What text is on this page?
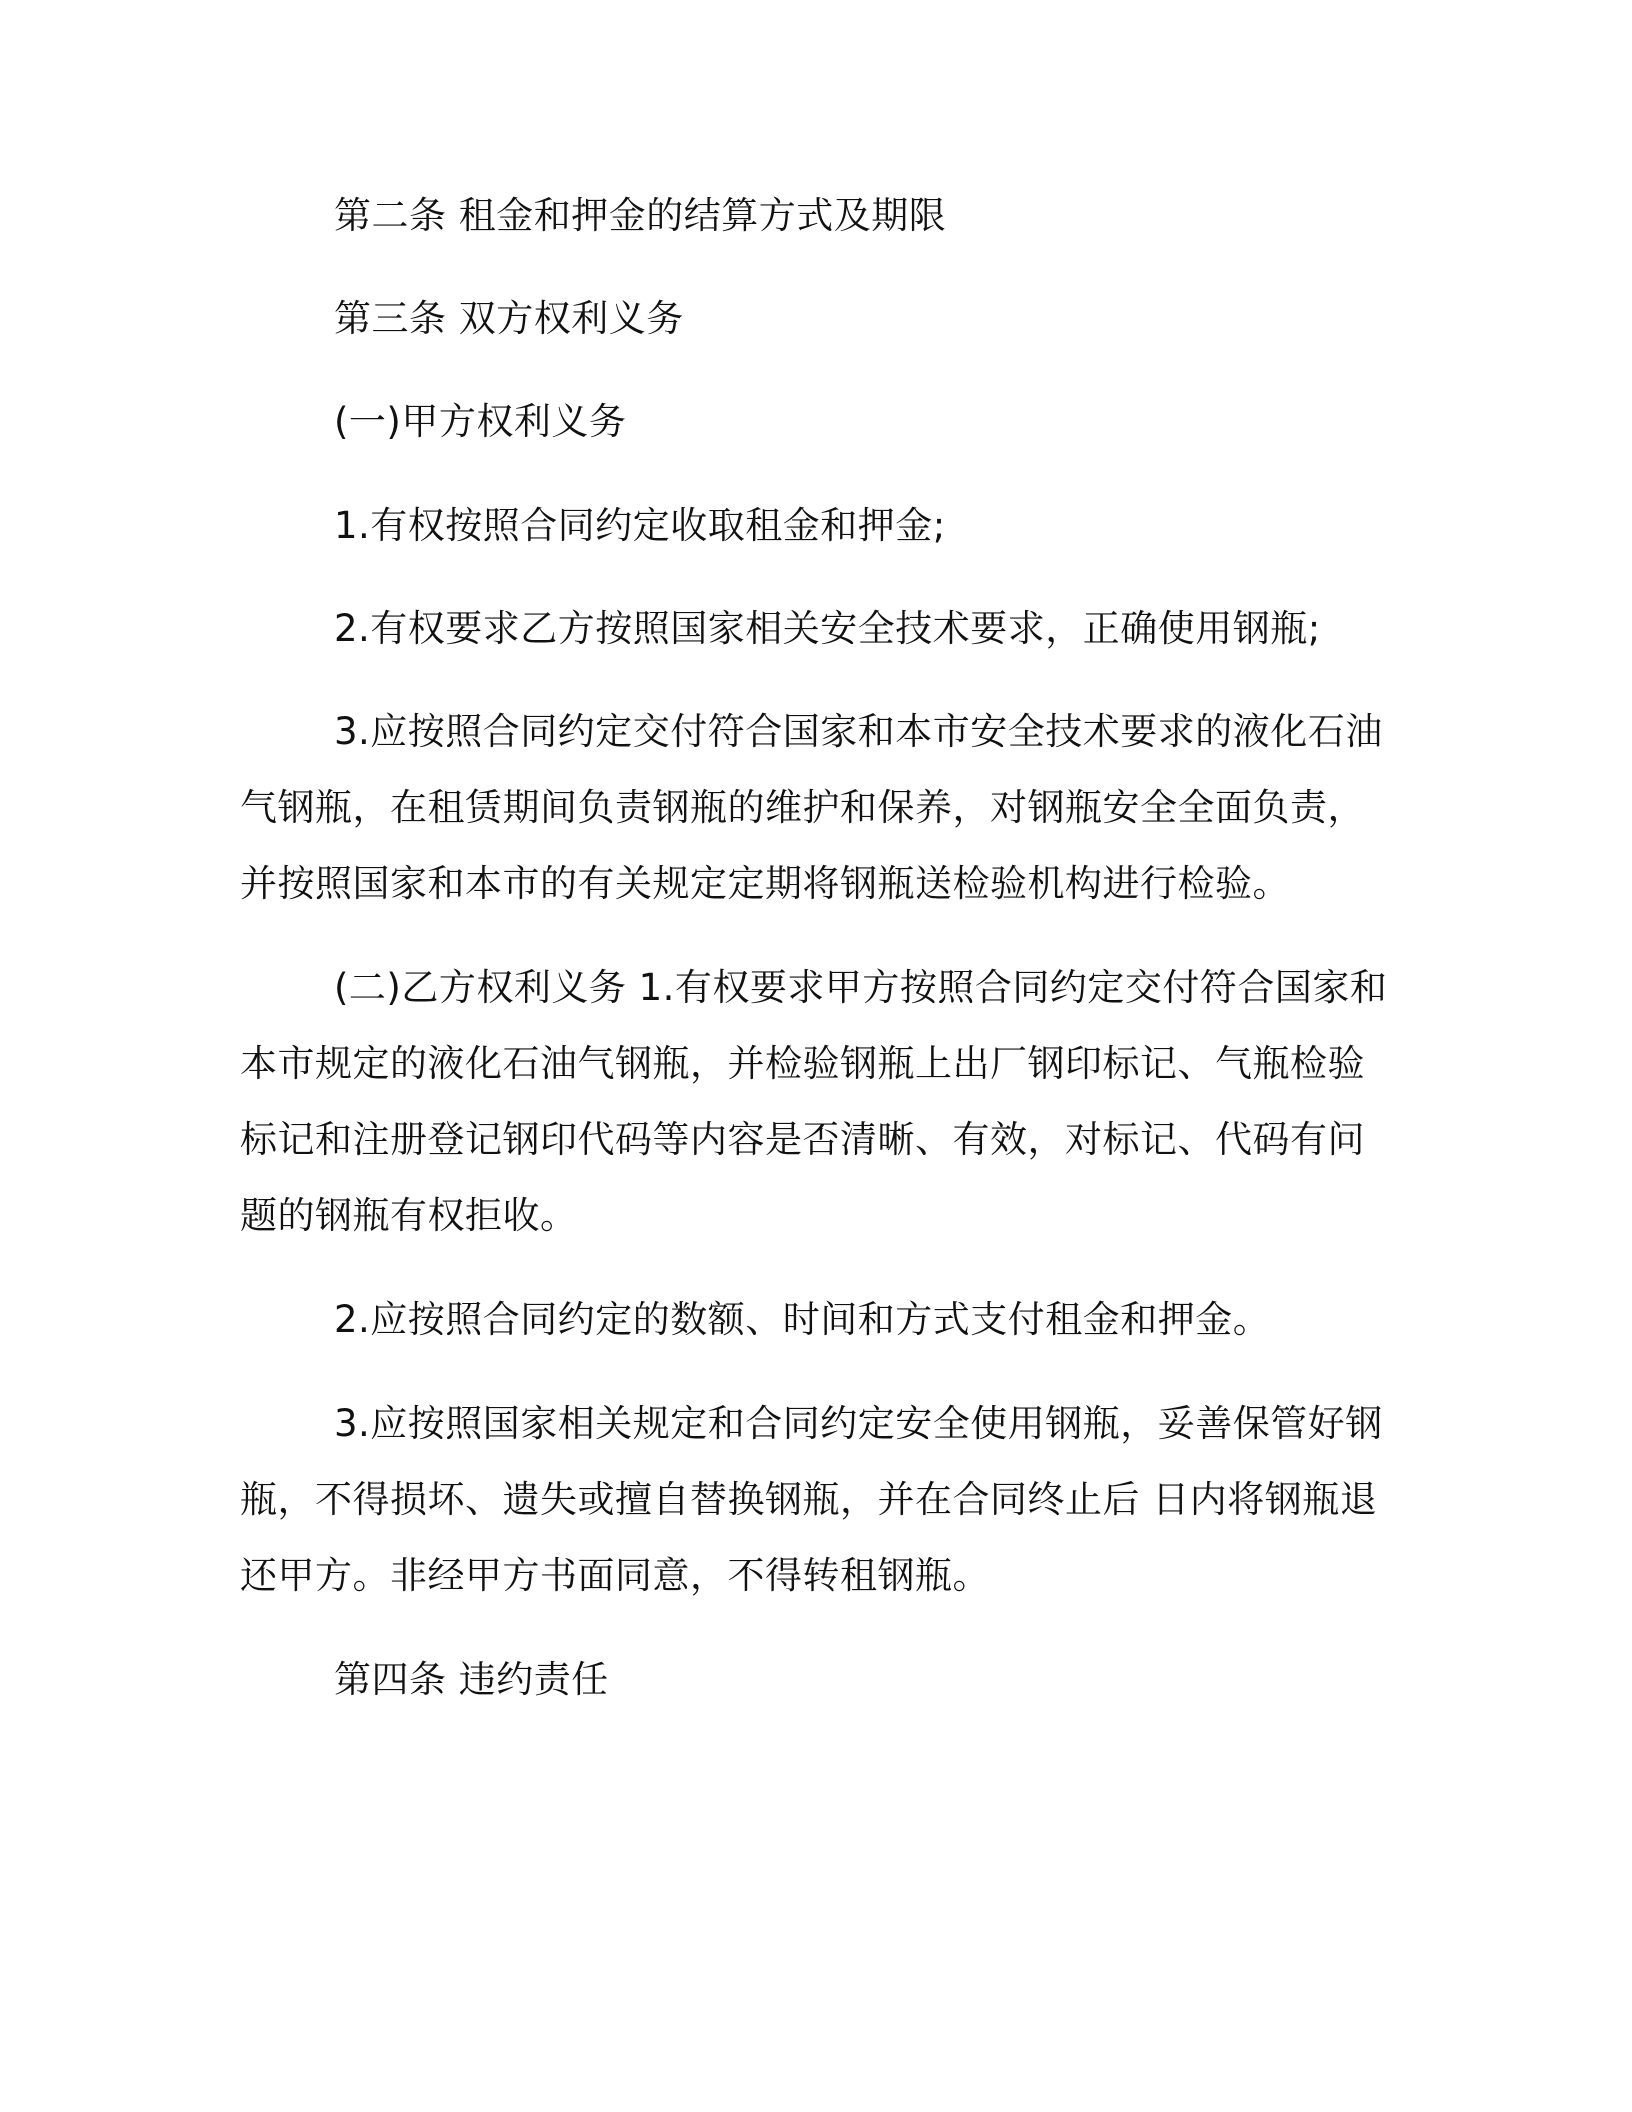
第二条 租金和押金的结算方式及期限
第三条 双方权利义务
(一)甲方权利义务
1.有权按照合同约定收取租金和押金;
2.有权要求乙方按照国家相关安全技术要求，正确使用钢瓶;
3.应按照合同约定交付符合国家和本市安全技术要求的液化石油
气钢瓶，在租赁期间负责钢瓶的维护和保养，对钢瓶安全全面负责，
并按照国家和本市的有关规定定期将钢瓶送检验机构进行检验。
(二)乙方权利义务 1.有权要求甲方按照合同约定交付符合国家和
本市规定的液化石油气钢瓶，并检验钢瓶上出厂钢印标记、气瓶检验
标记和注册登记钢印代码等内容是否清晰、有效，对标记、代码有问
题的钢瓶有权拒收。
2.应按照合同约定的数额、时间和方式支付租金和押金。
3.应按照国家相关规定和合同约定安全使用钢瓶，妥善保管好钢
瓶，不得损坏、遗失或擅自替换钢瓶，并在合同终止后 日内将钢瓶退
还甲方。非经甲方书面同意，不得转租钢瓶。
第四条 违约责任
